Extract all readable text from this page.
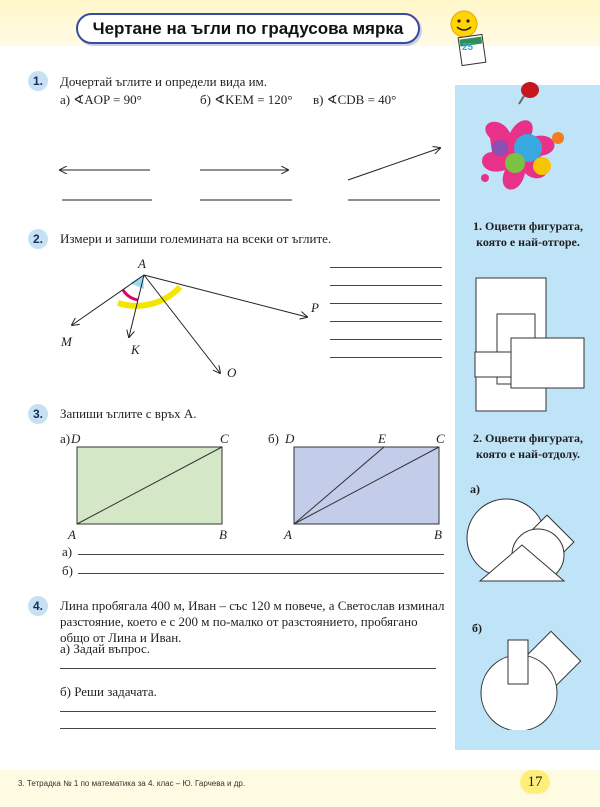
Чертане на ъгли по градусова мярка
25
1. Оцвети фигурата, която е най-отгоре.
2. Оцвети фигурата, която е най-отдолу.
а)
б)
1.	Дочертай ъглите и определи вида им.
а) ∢AOP = 90°	б) ∢KEM = 120° в) ∢CDB = 40°
2.	Измери и запиши големината на всеки от ъглите.
A
M
K
O
P
3.	Запиши ъглите с връх A.
а) D	C
A	B
б) D	E	C
A	B
а)
б)
4.	Лина пробягала 400 м, Иван – със 120 м повече, а Светослав изминал
разстояние, което е с 200 м по-малко от разстоянието, пробягано
общо от Лина и Иван.
а) Задай въпрос.
б) Реши задачата.
3. Тетрадка № 1 по математика за 4. клас – Ю. Гарчева и др.	17
